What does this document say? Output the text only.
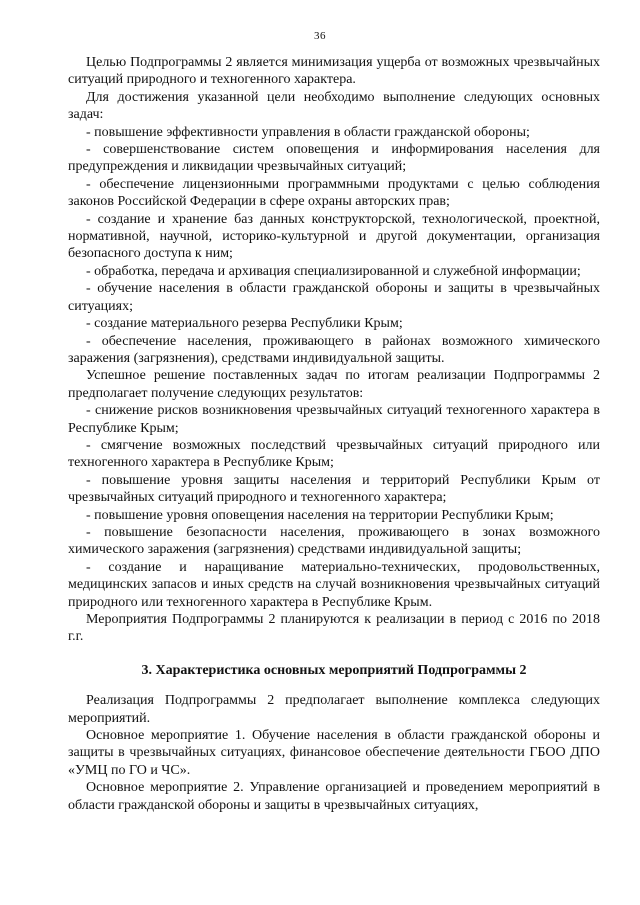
36

Целью Подпрограммы 2 является минимизация ущерба от возможных чрезвычайных ситуаций природного и техногенного характера.

Для достижения указанной цели необходимо выполнение следующих основных задач:

- повышение эффективности управления в области гражданской обороны;

- совершенствование систем оповещения и информирования населения для предупреждения и ликвидации чрезвычайных ситуаций;

- обеспечение лицензионными программными продуктами с целью соблюдения законов Российской Федерации в сфере охраны авторских прав;

- создание и хранение баз данных конструкторской, технологической, проектной, нормативной, научной, историко-культурной и другой документации, организация безопасного доступа к ним;

- обработка, передача и архивация специализированной и служебной информации;

- обучение населения в области гражданской обороны и защиты в чрезвычайных ситуациях;

- создание материального резерва Республики Крым;

- обеспечение населения, проживающего в районах возможного химического заражения (загрязнения), средствами индивидуальной защиты.

Успешное решение поставленных задач по итогам реализации Подпрограммы 2 предполагает получение следующих результатов:

- снижение рисков возникновения чрезвычайных ситуаций техногенного характера в Республике Крым;

- смягчение возможных последствий чрезвычайных ситуаций природного или техногенного характера в Республике Крым;

- повышение уровня защиты населения и территорий Республики Крым от чрезвычайных ситуаций природного и техногенного характера;

- повышение уровня оповещения населения на территории Республики Крым;

- повышение безопасности населения, проживающего в зонах возможного химического заражения (загрязнения) средствами индивидуальной защиты;

- создание и наращивание материально-технических, продовольственных, медицинских запасов и иных средств на случай возникновения чрезвычайных ситуаций природного или техногенного характера в Республике Крым.

Мероприятия Подпрограммы 2 планируются к реализации в период с 2016 по 2018 г.г.

3. Характеристика основных мероприятий Подпрограммы 2

Реализация Подпрограммы 2 предполагает выполнение комплекса следующих мероприятий.

Основное мероприятие 1. Обучение населения в области гражданской обороны и защиты в чрезвычайных ситуациях, финансовое обеспечение деятельности ГБОО ДПО «УМЦ по ГО и ЧС».

Основное мероприятие 2. Управление организацией и проведением мероприятий в области гражданской обороны и защиты в чрезвычайных ситуациях,
